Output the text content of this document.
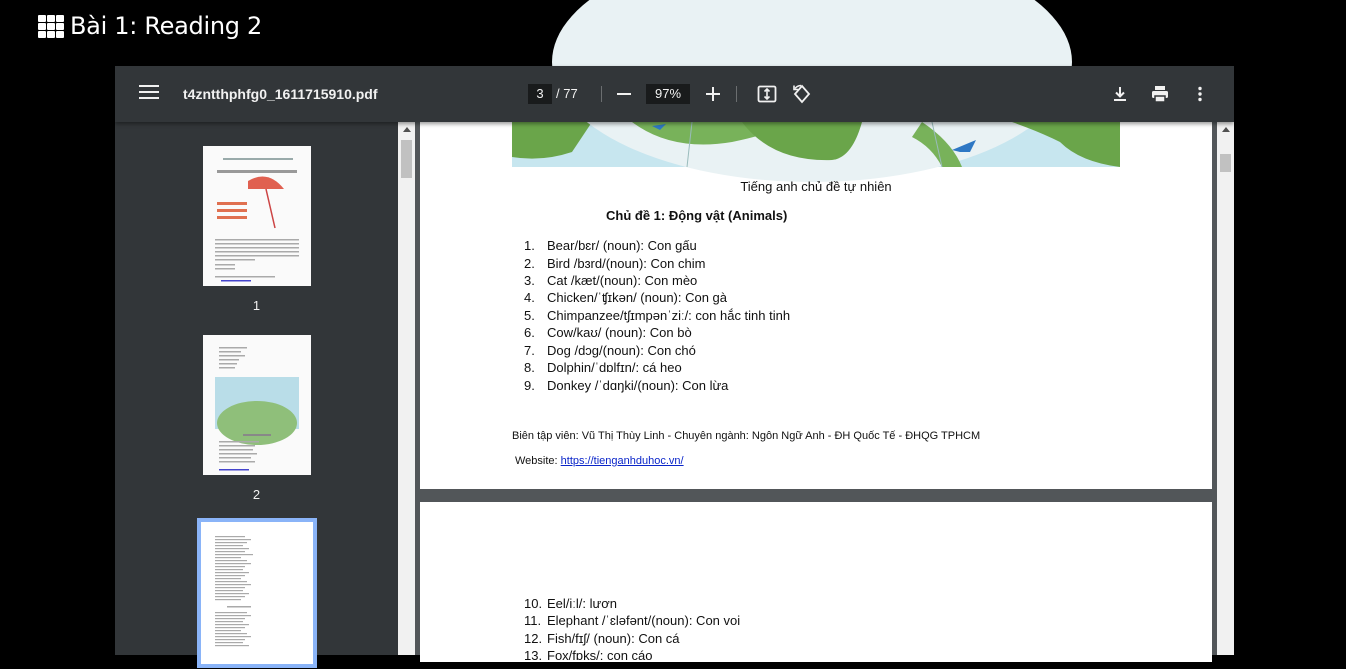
Bài 1: Reading 2
t4zntthphfg0_1611715910.pdf	3 / 77	97%
1
2
Tiếng anh chủ đề tự nhiên
Chủ đề 1: Động vật (Animals)
1. Bear/bɛr/ (noun): Con gấu
2. Bird /bɜrd/(noun): Con chim
3. Cat /kæt/(noun): Con mèo
4. Chicken/ˈʧɪkən/ (noun): Con gà
5. Chimpanzee/tʃɪmpənˈziː/: con hắc tinh tinh
6. Cow/kaʊ/ (noun): Con bò
7. Dog /dɔg/(noun): Con chó
8. Dolphin/ˈdɒlfɪn/: cá heo
9. Donkey /ˈdɑŋki/(noun): Con lừa
Biên tập viên: Vũ Thị Thùy Linh - Chuyên ngành: Ngôn Ngữ Anh - ĐH Quốc Tế - ĐHQG TPHCM
Website: https://tienganhduhoc.vn/
10. Eel/iːl/: lươn
11. Elephant /ˈɛləfənt/(noun): Con voi
12. Fish/fɪʃ/ (noun): Con cá
13. Fox/fɒks/: con cáo
